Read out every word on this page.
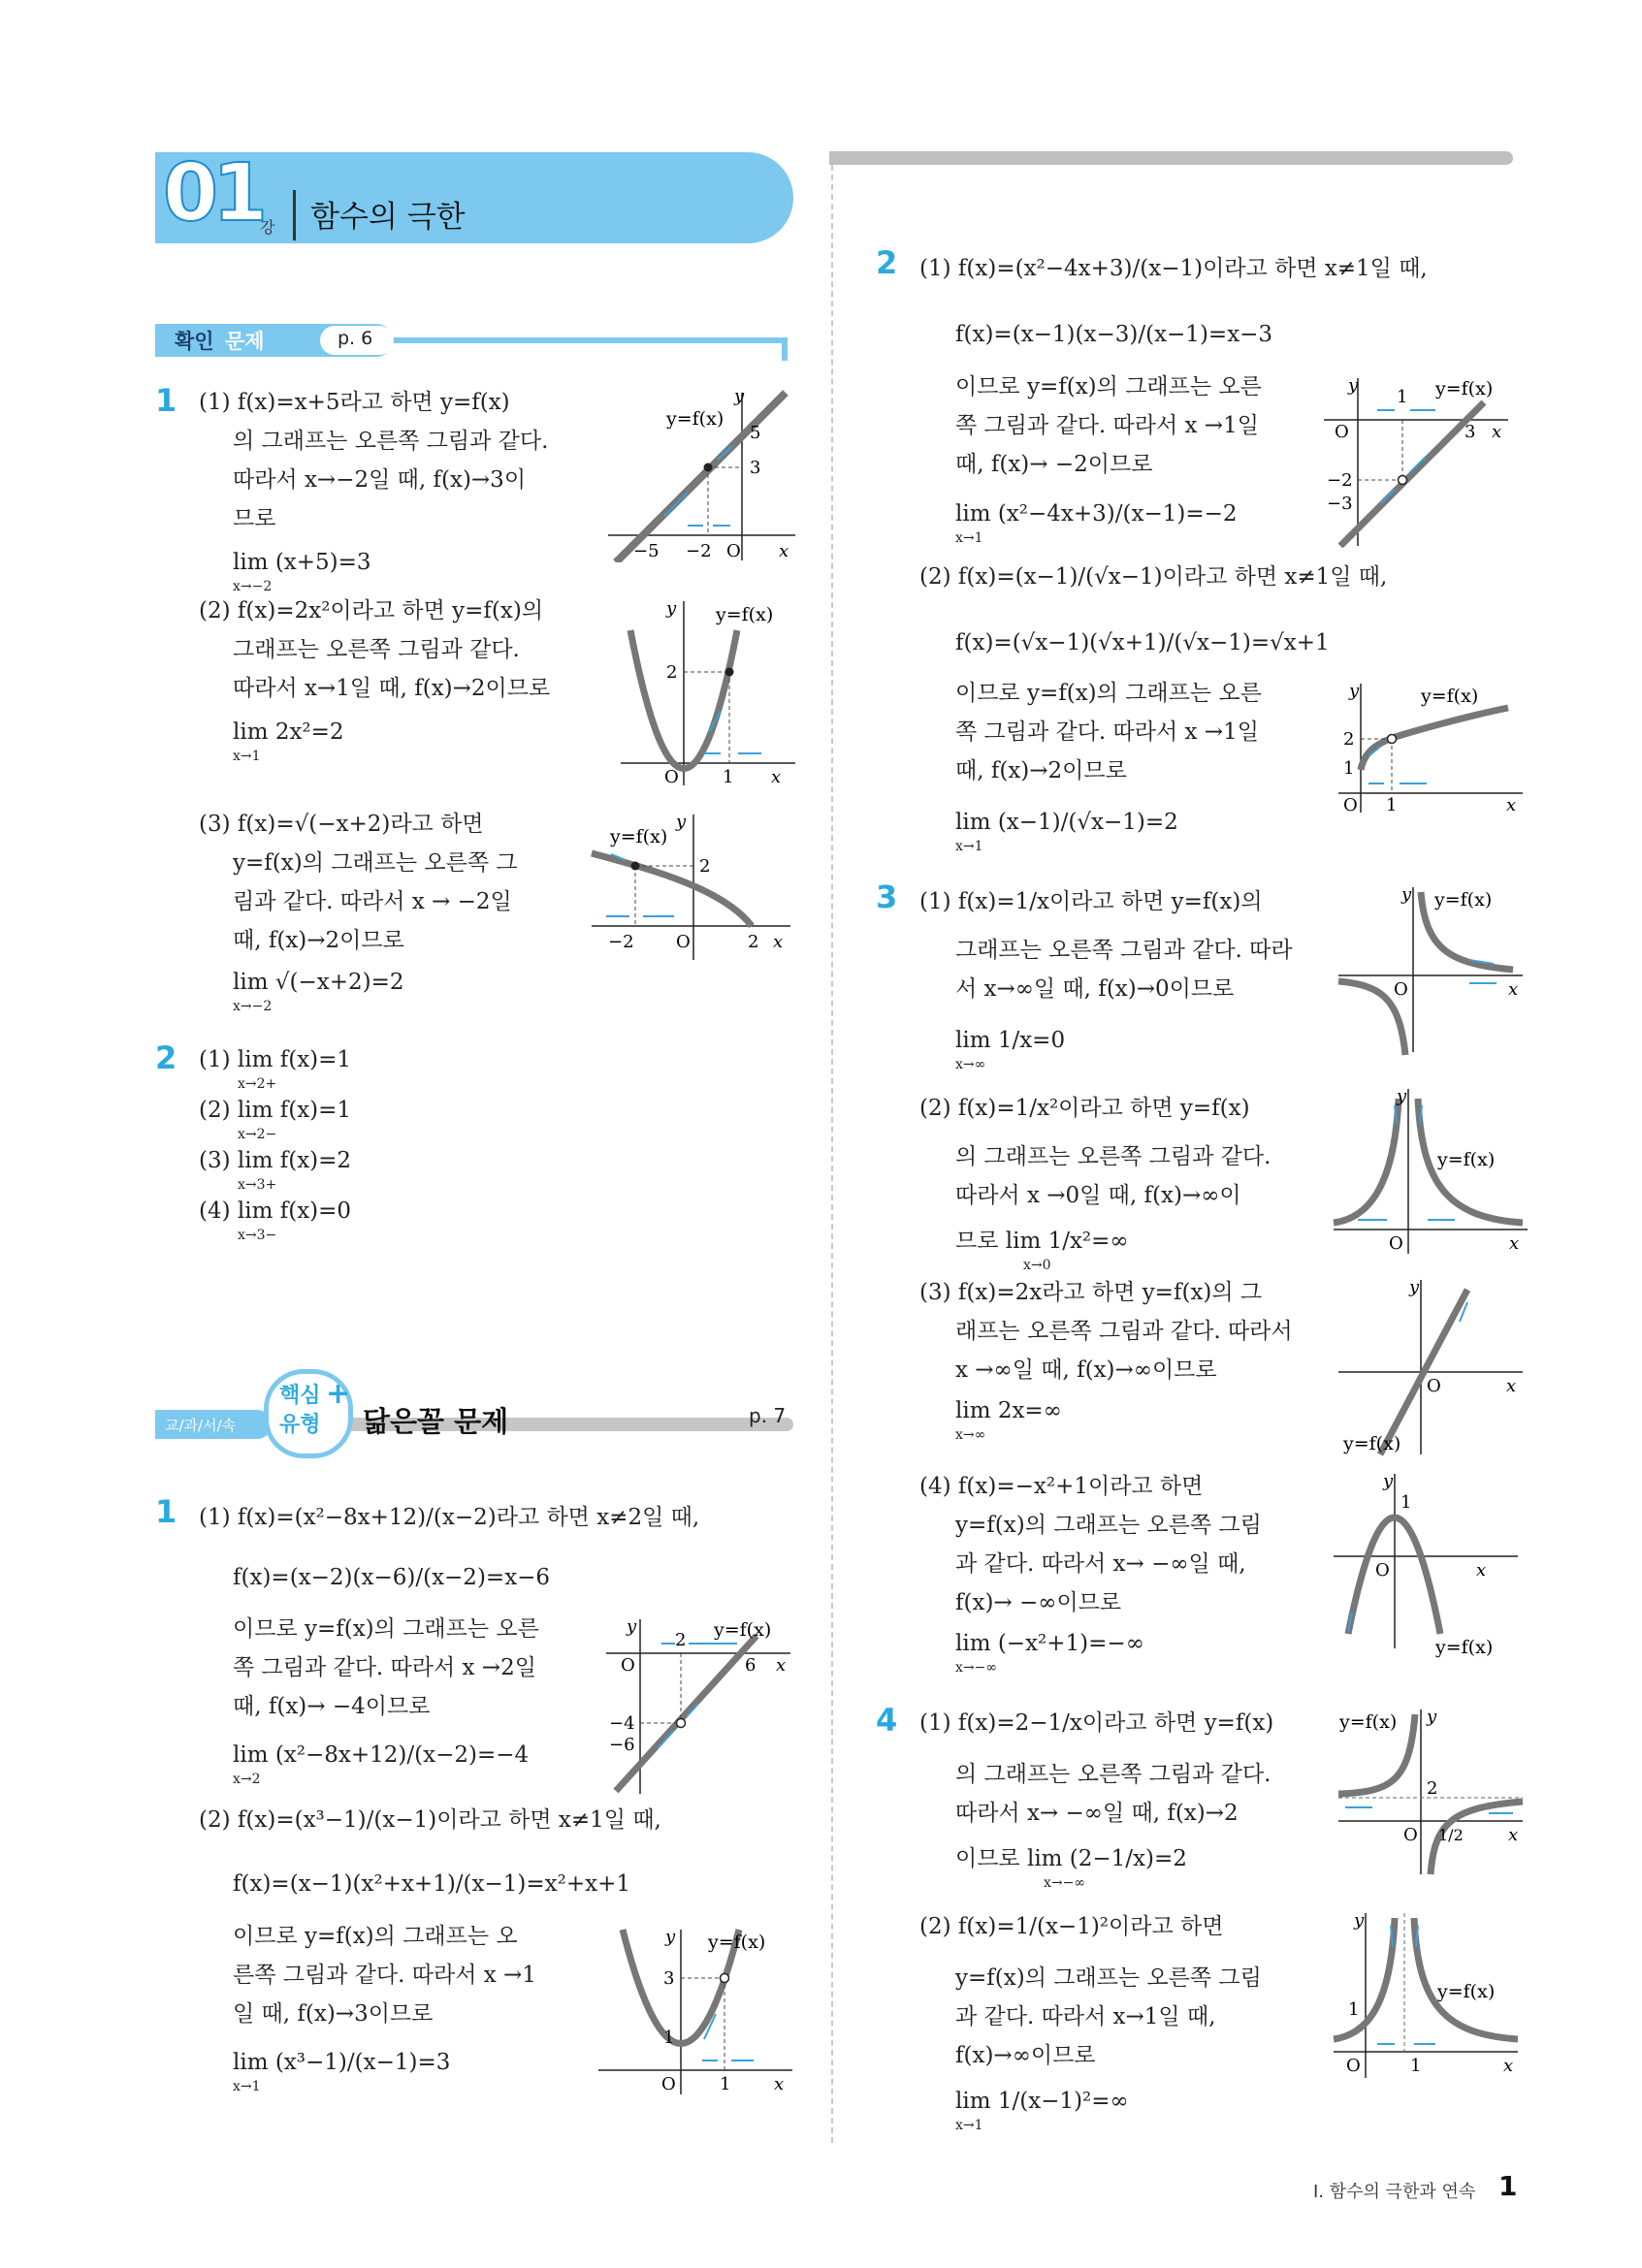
01
강 함수의 극한
확인 문제	p. 6
1 (1) f(x)=x+5라고 하면 y=f(x)
의 그래프는 오른쪽 그림과 같다.
따라서 x→−2일 때, f(x)→3이
므로
lim (x+5)=3
x→−2
(2) f(x)=2x²이라고 하면 y=f(x)의
그래프는 오른쪽 그림과 같다.
따라서 x→1일 때, f(x)→2이므로
lim 2x²=2
x→1
(3) f(x)=√(−x+2)라고 하면
y=f(x)의 그래프는 오른쪽 그
림과 같다. 따라서 x → −2일
때, f(x)→2이므로
lim √(−x+2)=2
x→−2
y
y=f(x)
5
3
−5 −2 O x
y y=f(x)
2
O	1 x
y
y=f(x)
2
−2 O	2 x
2 (1) lim f(x)=1
x→2+
(2) lim f(x)=1
x→2−
(3) lim f(x)=2
x→3+
(4) lim f(x)=0
x→3−
교/과/서/속
핵심
유형
+
닮은꼴 문제	p. 7
1 (1) f(x)=(x²−8x+12)/(x−2)라고 하면 x≠2일 때,
f(x)=(x−2)(x−6)/(x−2)=x−6
이므로 y=f(x)의 그래프는 오른
쪽 그림과 같다. 따라서 x →2일
때, f(x)→ −4이므로
lim (x²−8x+12)/(x−2)=−4
x→2
(2) f(x)=(x³−1)/(x−1)이라고 하면 x≠1일 때,
f(x)=(x−1)(x²+x+1)/(x−1)=x²+x+1
이므로 y=f(x)의 그래프는 오
른쪽 그림과 같다. 따라서 x →1
일 때, f(x)→3이므로
lim (x³−1)/(x−1)=3
x→1
y	y=f(x)
O
2
6 x
−4
−6
y y=f(x)
3
1
O	1 x
2 (1) f(x)=(x²−4x+3)/(x−1)이라고 하면 x≠1일 때,
f(x)=(x−1)(x−3)/(x−1)=x−3
이므로 y=f(x)의 그래프는 오른
쪽 그림과 같다. 따라서 x →1일
때, f(x)→ −2이므로
lim (x²−4x+3)/(x−1)=−2
x→1
(2) f(x)=(x−1)/(√x−1)이라고 하면 x≠1일 때,
f(x)=(√x−1)(√x+1)/(√x−1)=√x+1
이므로 y=f(x)의 그래프는 오른
쪽 그림과 같다. 따라서 x →1일
때, f(x)→2이므로
lim (x−1)/(√x−1)=2
x→1
y
1 y=f(x)
O	3 x
−2
−3
y	y=f(x)
2
1
O 1	x
3 (1) f(x)=1/x이라고 하면 y=f(x)의
그래프는 오른쪽 그림과 같다. 따라
서 x→∞일 때, f(x)→0이므로
lim 1/x=0
x→∞
(2) f(x)=1/x²이라고 하면 y=f(x)
의 그래프는 오른쪽 그림과 같다.
따라서 x →0일 때, f(x)→∞이
므로 lim 1/x²=∞
x→0
(3) f(x)=2x라고 하면 y=f(x)의 그
래프는 오른쪽 그림과 같다. 따라서
x →∞일 때, f(x)→∞이므로
lim 2x=∞
x→∞
(4) f(x)=−x²+1이라고 하면
y=f(x)의 그래프는 오른쪽 그림
과 같다. 따라서 x→ −∞일 때,
f(x)→ −∞이므로
lim (−x²+1)=−∞
x→−∞
y y=f(x)
O	x
y
y=f(x)
O	x
y
O	x
y=f(x)
y
1
O	x
y=f(x)
4 (1) f(x)=2−1/x이라고 하면 y=f(x)
의 그래프는 오른쪽 그림과 같다.
따라서 x→ −∞일 때, f(x)→2
이므로 lim (2−1/x)=2
x→−∞
(2) f(x)=1/(x−1)²이라고 하면
y=f(x)의 그래프는 오른쪽 그림
과 같다. 따라서 x→1일 때,
f(x)→∞이므로
lim 1/(x−1)²=∞
x→1
y=f(x) y
2
O 1/2	x
y
y=f(x)
1
O	1	x
I. 함수의 극한과 연속 1
